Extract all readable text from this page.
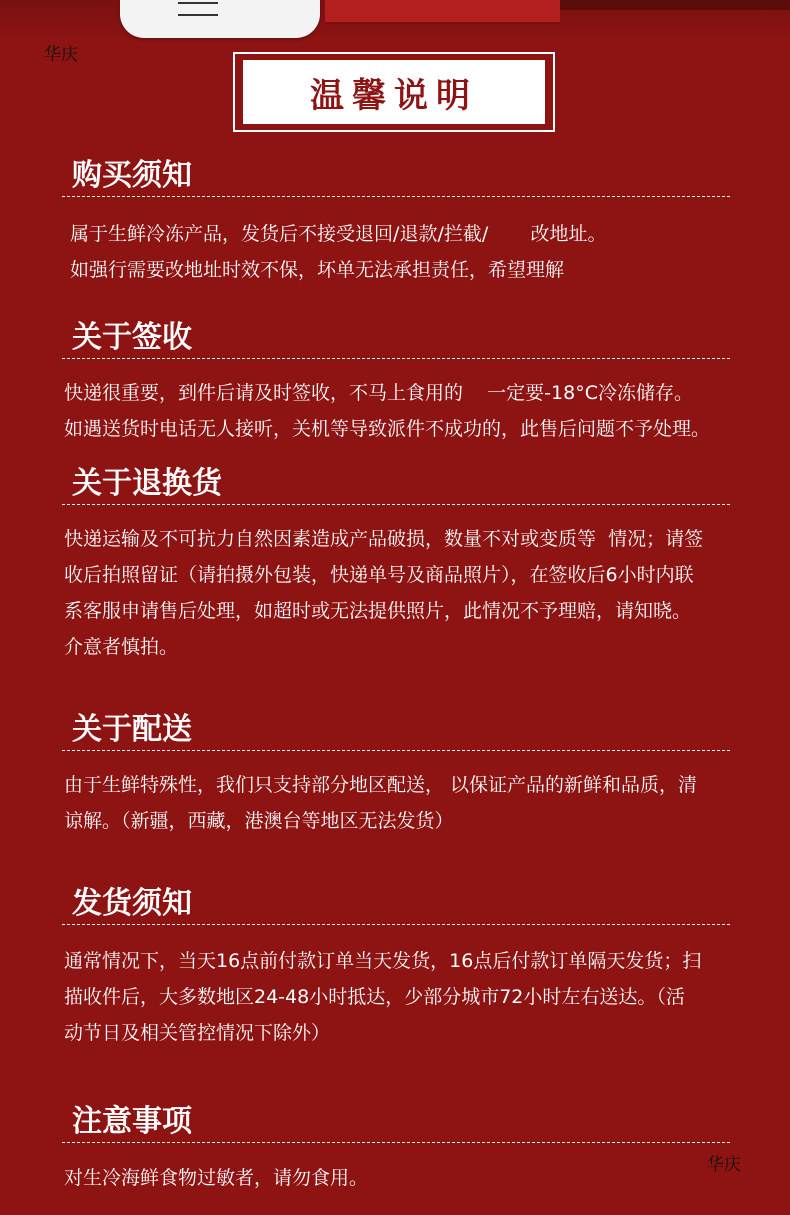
华庆
温馨说明
购买须知

属于生鲜冷冻产品，发货后不接受退回/退款/拦截/       改地址。

如强行需要改地址时效不保，坏单无法承担责任，希望理解

关于签收

快递很重要，到件后请及时签收，不马上食用的    一定要-18°C冷冻储存。

如遇送货时电话无人接听，关机等导致派件不成功的，此售后问题不予处理。

关于退换货

快递运输及不可抗力自然因素造成产品破损，数量不对或变质等  情况；请签

收后拍照留证（请拍摄外包装，快递单号及商品照片），在签收后6小时内联

系客服申请售后处理，如超时或无法提供照片，此情况不予理赔，请知晓。

介意者慎拍。

关于配送

由于生鲜特殊性，我们只支持部分地区配送， 以保证产品的新鲜和品质，清

谅解。（新疆，西藏，港澳台等地区无法发货）

发货须知

通常情况下，当天16点前付款订单当天发货，16点后付款订单隔天发货；扫

描收件后，大多数地区24-48小时抵达，少部分城市72小时左右送达。（活

动节日及相关管控情况下除外）

注意事项

对生冷海鲜食物过敏者，请勿食用。

华庆
